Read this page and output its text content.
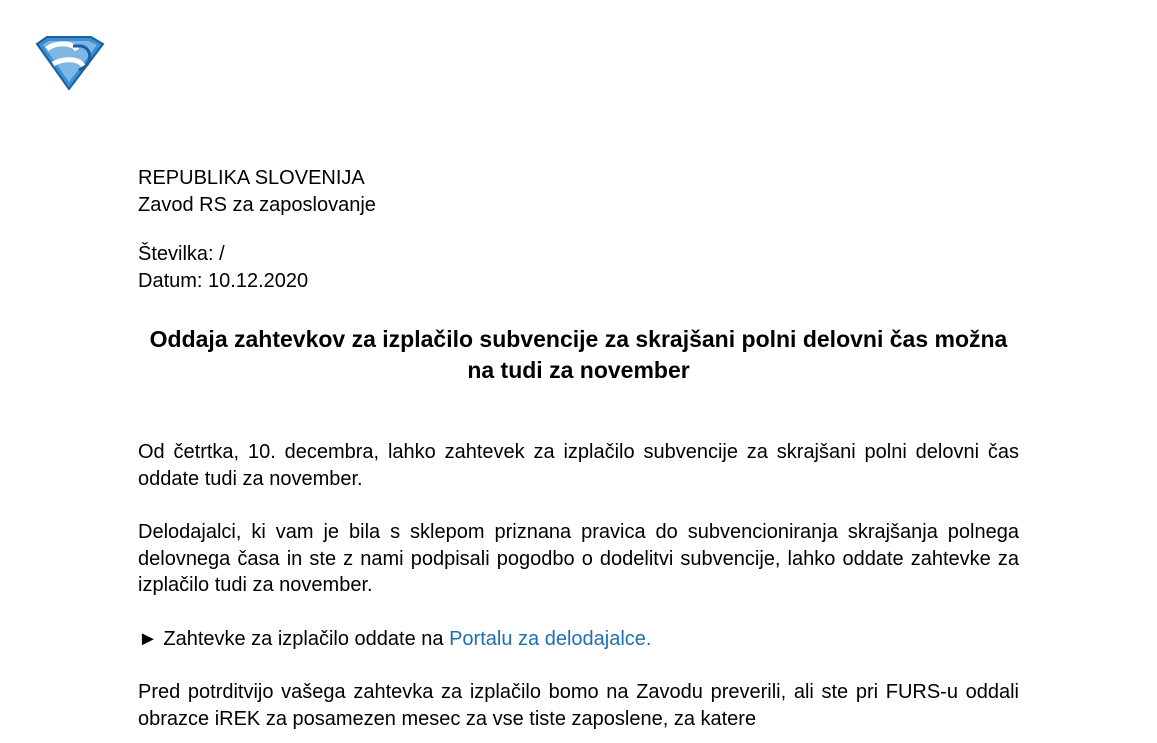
REPUBLIKA SLOVENIJA
Zavod RS za zaposlovanje
Številka: /
Datum: 10.12.2020
Oddaja zahtevkov za izplačilo subvencije za skrajšani polni delovni čas možna na tudi za november

Od četrtka, 10. decembra, lahko zahtevek za izplačilo subvencije za skrajšani polni delovni čas oddate tudi za november.

Delodajalci, ki vam je bila s sklepom priznana pravica do subvencioniranja skrajšanja polnega delovnega časa in ste z nami podpisali pogodbo o dodelitvi subvencije, lahko oddate zahtevke za izplačilo tudi za november.

► Zahtevke za izplačilo oddate na Portalu za delodajalce.

Pred potrditvijo vašega zahtevka za izplačilo bomo na Zavodu preverili, ali ste pri FURS-u oddali obrazce iREK za posamezen mesec za vse tiste zaposlene, za katere
